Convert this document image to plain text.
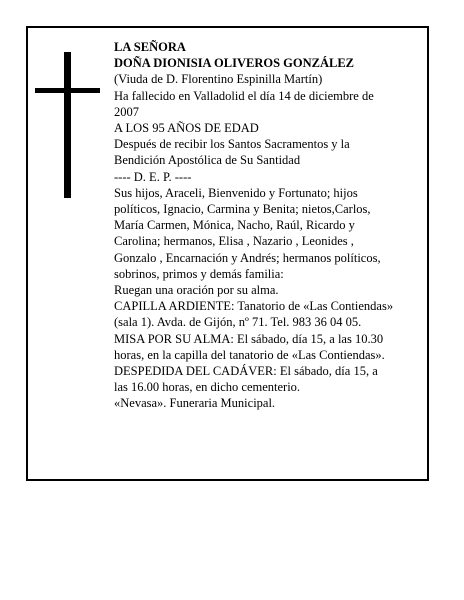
LA SEÑORA
DOÑA DIONISIA OLIVEROS GONZÁLEZ
(Viuda de D. Florentino Espinilla Martín)
Ha fallecido en Valladolid el día 14 de diciembre de
2007
A LOS 95 AÑOS DE EDAD
Después de recibir los Santos Sacramentos y la
Bendición Apostólica de Su Santidad
---- D. E. P. ----
Sus hijos, Araceli, Bienvenido y Fortunato; hijos
políticos, Ignacio, Carmina y Benita; nietos,Carlos,
María Carmen, Mónica, Nacho, Raúl, Ricardo y
Carolina; hermanos, Elisa , Nazario , Leonides ,
Gonzalo , Encarnación y Andrés; hermanos políticos,
sobrinos, primos y demás familia:
Ruegan una oración por su alma.
CAPILLA ARDIENTE: Tanatorio de «Las Contiendas»
(sala 1). Avda. de Gijón, nº 71. Tel. 983 36 04 05.
MISA POR SU ALMA: El sábado, día 15, a las 10.30
horas, en la capilla del tanatorio de «Las Contiendas».
DESPEDIDA DEL CADÁVER: El sábado, día 15, a
las 16.00 horas, en dicho cementerio.
«Nevasa». Funeraria Municipal.
